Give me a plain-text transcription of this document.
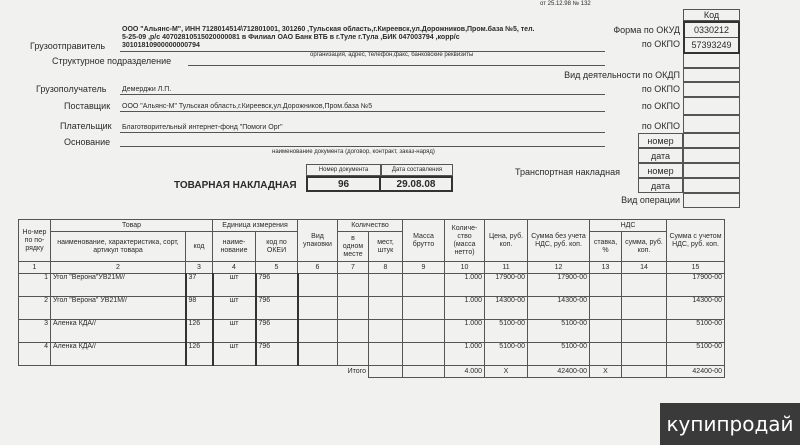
от 25.12.98 № 132
Код
Форма по ОКУД	0330212
57393249
по ОКПО
ООО "Альянс-М", ИНН 7128014514\712801001, 301260 ,Тульская область,г.Киреевск,ул.Дорожников,Пром.база №5, тел.
5-25-09 ,р/с 40702810515020000081 в Филиал ОАО Банк ВТБ в г.Туле г.Тула ,БИК 047003794 ,корр/с
30101810900000000794
Грузоотправитель
Структурное подразделение
организация, адрес, телефон,факс, банковские реквизиты
Вид деятельности по ОКДП
Грузополучатель Демерджи Л.П.	по ОКПО
Поставщик ООО "Альянс-М" Тульская область,г.Киреевск,ул.Дорожников,Пром.база №5	по ОКПО
Плательщик Благотворительный интернет-фонд "Помоги Орг"	по ОКПО
Основание
наименование документа (договор, контракт, заказ-наряд)
номер
дата
Номер документа	Дата составления
ТОВАРНАЯ НАКЛАДНАЯ	96	29.08.08
Транспортная накладная	номер
дата
Вид операции
Но-мер по по-рядку	Товар		Единица измерения		Вид упаковки	Количество		Масса брутто	Количе-ство (масса нетто)	Цена, руб. коп.	Сумма без учета НДС, руб. коп.	НДС		Сумма с учетом НДС, руб. коп.
	наименование, характеристика, сорт, артикул товара	код	наиме-нование	код по ОКЕИ		в одном месте	мест, штук					ставка, %	сумма, руб. коп.	
1	2	3	4	5	6	7	8	9	10	11	12	13	14	15
1	Угол "Верона"УВ21М//	37	шт	796					1.000	17900-00	17900-00			17900-00
2	Угол "Верона" УВ21М//	98	шт	796					1.000	14300-00	14300-00			14300-00
3	Аленка КДА//	126	шт	796					1.000	5100-00	5100-00			5100-00
4	Аленка КДА//	126	шт	796					1.000	5100-00	5100-00			5100-00
Итого									4.000	X	42400-00	X		42400-00
купипродай
